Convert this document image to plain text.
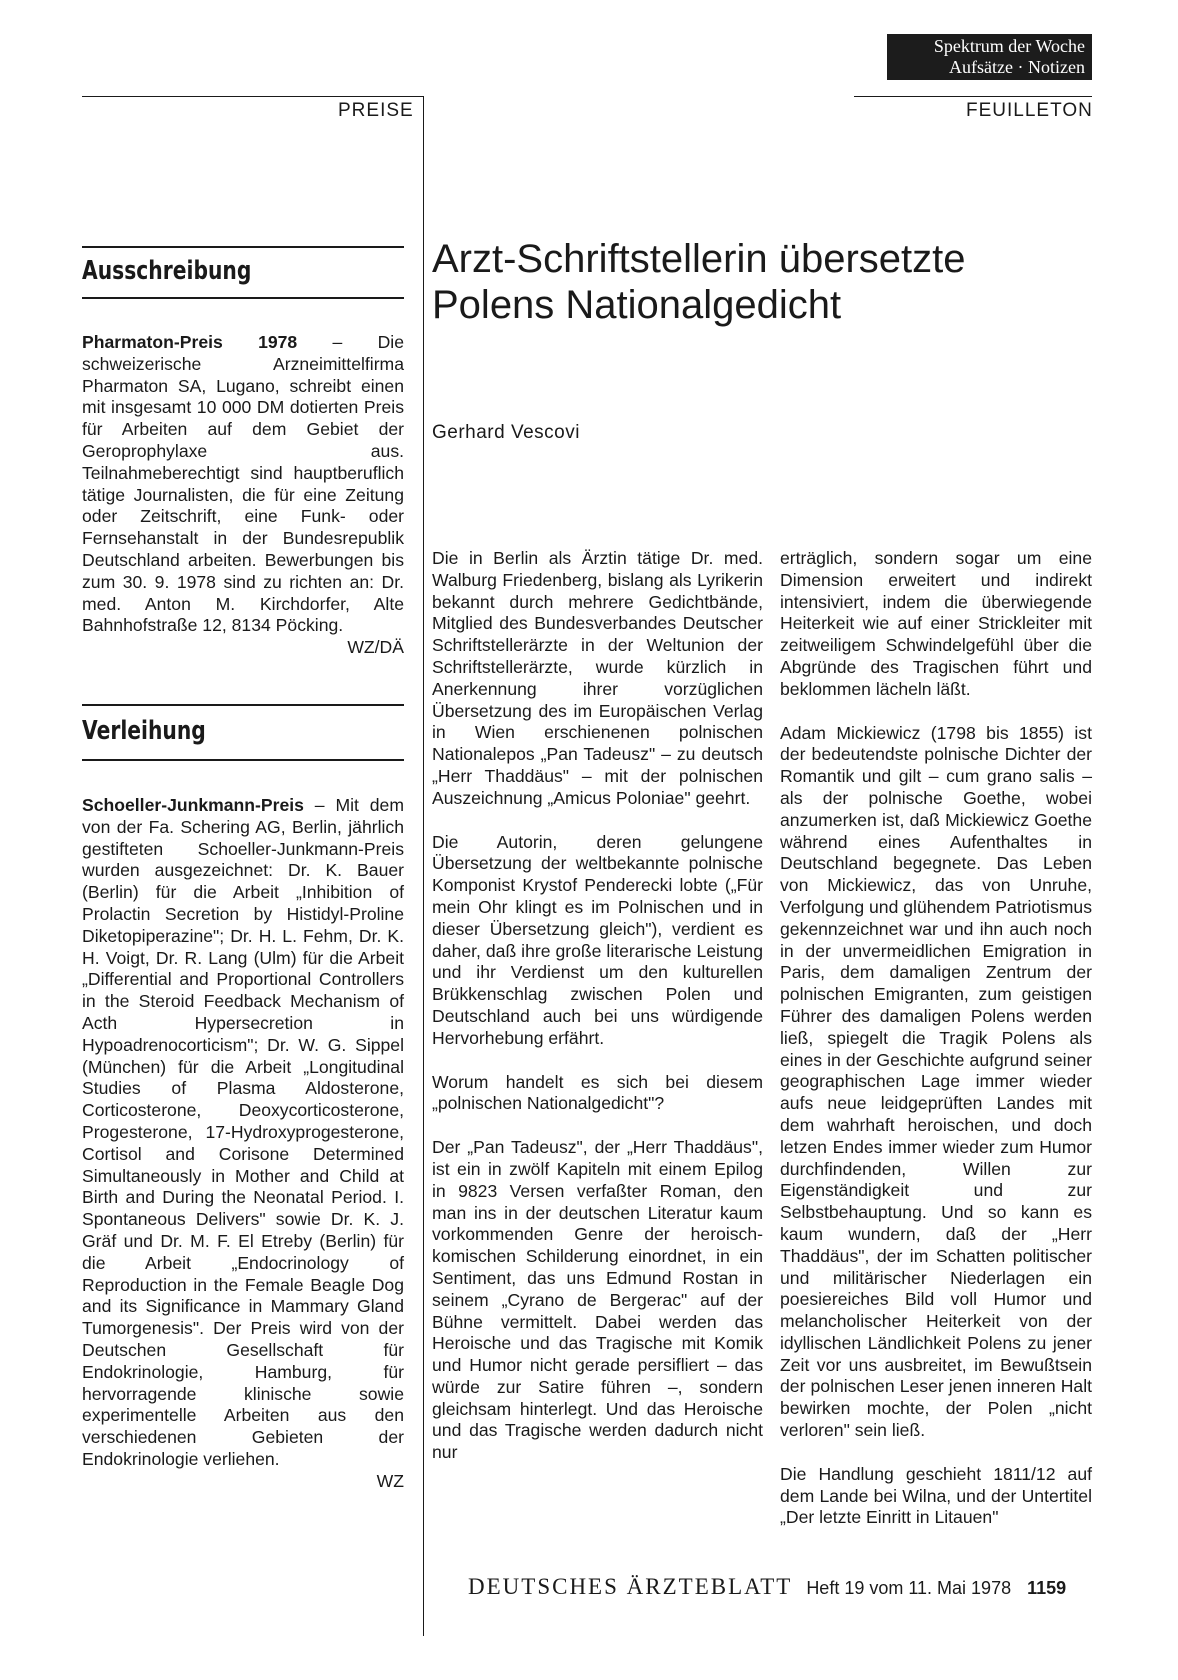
Spektrum der Woche
Aufsätze · Notizen
PREISE	FEUILLETON
Ausschreibung
Pharmaton-Preis 1978 – Die schweizerische Arzneimittelfirma Pharmaton SA, Lugano, schreibt einen mit insgesamt 10 000 DM dotierten Preis für Arbeiten auf dem Gebiet der Geroprophylaxe aus. Teilnahmeberechtigt sind hauptberuflich tätige Journalisten, die für eine Zeitung oder Zeitschrift, eine Funk- oder Fernsehanstalt in der Bundesrepublik Deutschland arbeiten. Bewerbungen bis zum 30. 9. 1978 sind zu richten an: Dr. med. Anton M. Kirchdorfer, Alte Bahnhofstraße 12, 8134 Pöcking.
WZ/DÄ
Verleihung
Schoeller-Junkmann-Preis – Mit dem von der Fa. Schering AG, Berlin, jährlich gestifteten Schoeller-Junkmann-Preis wurden ausgezeichnet: Dr. K. Bauer (Berlin) für die Arbeit „Inhibition of Prolactin Secretion by Histidyl-Proline Diketopiperazine"; Dr. H. L. Fehm, Dr. K. H. Voigt, Dr. R. Lang (Ulm) für die Arbeit „Differential and Proportional Controllers in the Steroid Feedback Mechanism of Acth Hypersecretion in Hypoadrenocorticism"; Dr. W. G. Sippel (München) für die Arbeit „Longitudinal Studies of Plasma Aldosterone, Corticosterone, Deoxycorticosterone, Progesterone, 17-Hydroxyprogesterone, Cortisol and Corisone Determined Simultaneously in Mother and Child at Birth and During the Neonatal Period. I. Spontaneous Delivers" sowie Dr. K. J. Gräf und Dr. M. F. El Etreby (Berlin) für die Arbeit „Endocrinology of Reproduction in the Female Beagle Dog and its Significance in Mammary Gland Tumorgenesis". Der Preis wird von der Deutschen Gesellschaft für Endokrinologie, Hamburg, für hervorragende klinische sowie experimentelle Arbeiten aus den verschiedenen Gebieten der Endokrinologie verliehen.
WZ
Arzt-Schriftstellerin übersetzte Polens Nationalgedicht
Gerhard Vescovi

Die in Berlin als Ärztin tätige Dr. med. Walburg Friedenberg, bislang als Lyrikerin bekannt durch mehrere Gedichtbände, Mitglied des Bundesverbandes Deutscher Schriftstellerärzte in der Weltunion der Schriftstellerärzte, wurde kürzlich in Anerkennung ihrer vorzüglichen Übersetzung des im Europäischen Verlag in Wien erschienenen polnischen Nationalepos „Pan Tadeusz" – zu deutsch „Herr Thaddäus" – mit der polnischen Auszeichnung „Amicus Poloniae" geehrt.

Die Autorin, deren gelungene Übersetzung der weltbekannte polnische Komponist Krystof Penderecki lobte („Für mein Ohr klingt es im Polnischen und in dieser Übersetzung gleich"), verdient es daher, daß ihre große literarische Leistung und ihr Verdienst um den kulturellen Brükkenschlag zwischen Polen und Deutschland auch bei uns würdigende Hervorhebung erfährt.

Worum handelt es sich bei diesem „polnischen Nationalgedicht"?

Der „Pan Tadeusz", der „Herr Thaddäus", ist ein in zwölf Kapiteln mit einem Epilog in 9823 Versen verfaßter Roman, den man ins in der deutschen Literatur kaum vorkommenden Genre der heroisch-komischen Schilderung einordnet, in ein Sentiment, das uns Edmund Rostan in seinem „Cyrano de Bergerac" auf der Bühne vermittelt. Dabei werden das Heroische und das Tragische mit Komik und Humor nicht gerade persifliert – das würde zur Satire führen –, sondern gleichsam hinterlegt. Und das Heroische und das Tragische werden dadurch nicht nur

erträglich, sondern sogar um eine Dimension erweitert und indirekt intensiviert, indem die überwiegende Heiterkeit wie auf einer Strickleiter mit zeitweiligem Schwindelgefühl über die Abgründe des Tragischen führt und beklommen lächeln läßt.

Adam Mickiewicz (1798 bis 1855) ist der bedeutendste polnische Dichter der Romantik und gilt – cum grano salis – als der polnische Goethe, wobei anzumerken ist, daß Mickiewicz Goethe während eines Aufenthaltes in Deutschland begegnete. Das Leben von Mickiewicz, das von Unruhe, Verfolgung und glühendem Patriotismus gekennzeichnet war und ihn auch noch in der unvermeidlichen Emigration in Paris, dem damaligen Zentrum der polnischen Emigranten, zum geistigen Führer des damaligen Polens werden ließ, spiegelt die Tragik Polens als eines in der Geschichte aufgrund seiner geographischen Lage immer wieder aufs neue leidgeprüften Landes mit dem wahrhaft heroischen, und doch letzen Endes immer wieder zum Humor durchfindenden, Willen zur Eigenständigkeit und zur Selbstbehauptung. Und so kann es kaum wundern, daß der „Herr Thaddäus", der im Schatten politischer und militärischer Niederlagen ein poesiereiches Bild voll Humor und melancholischer Heiterkeit von der idyllischen Ländlichkeit Polens zu jener Zeit vor uns ausbreitet, im Bewußtsein der polnischen Leser jenen inneren Halt bewirken mochte, der Polen „nicht verloren" sein ließ.

Die Handlung geschieht 1811/12 auf dem Lande bei Wilna, und der Untertitel „Der letzte Einritt in Litauen"

DEUTSCHES ÄRZTEBLATT Heft 19 vom 11. Mai 1978 1159
